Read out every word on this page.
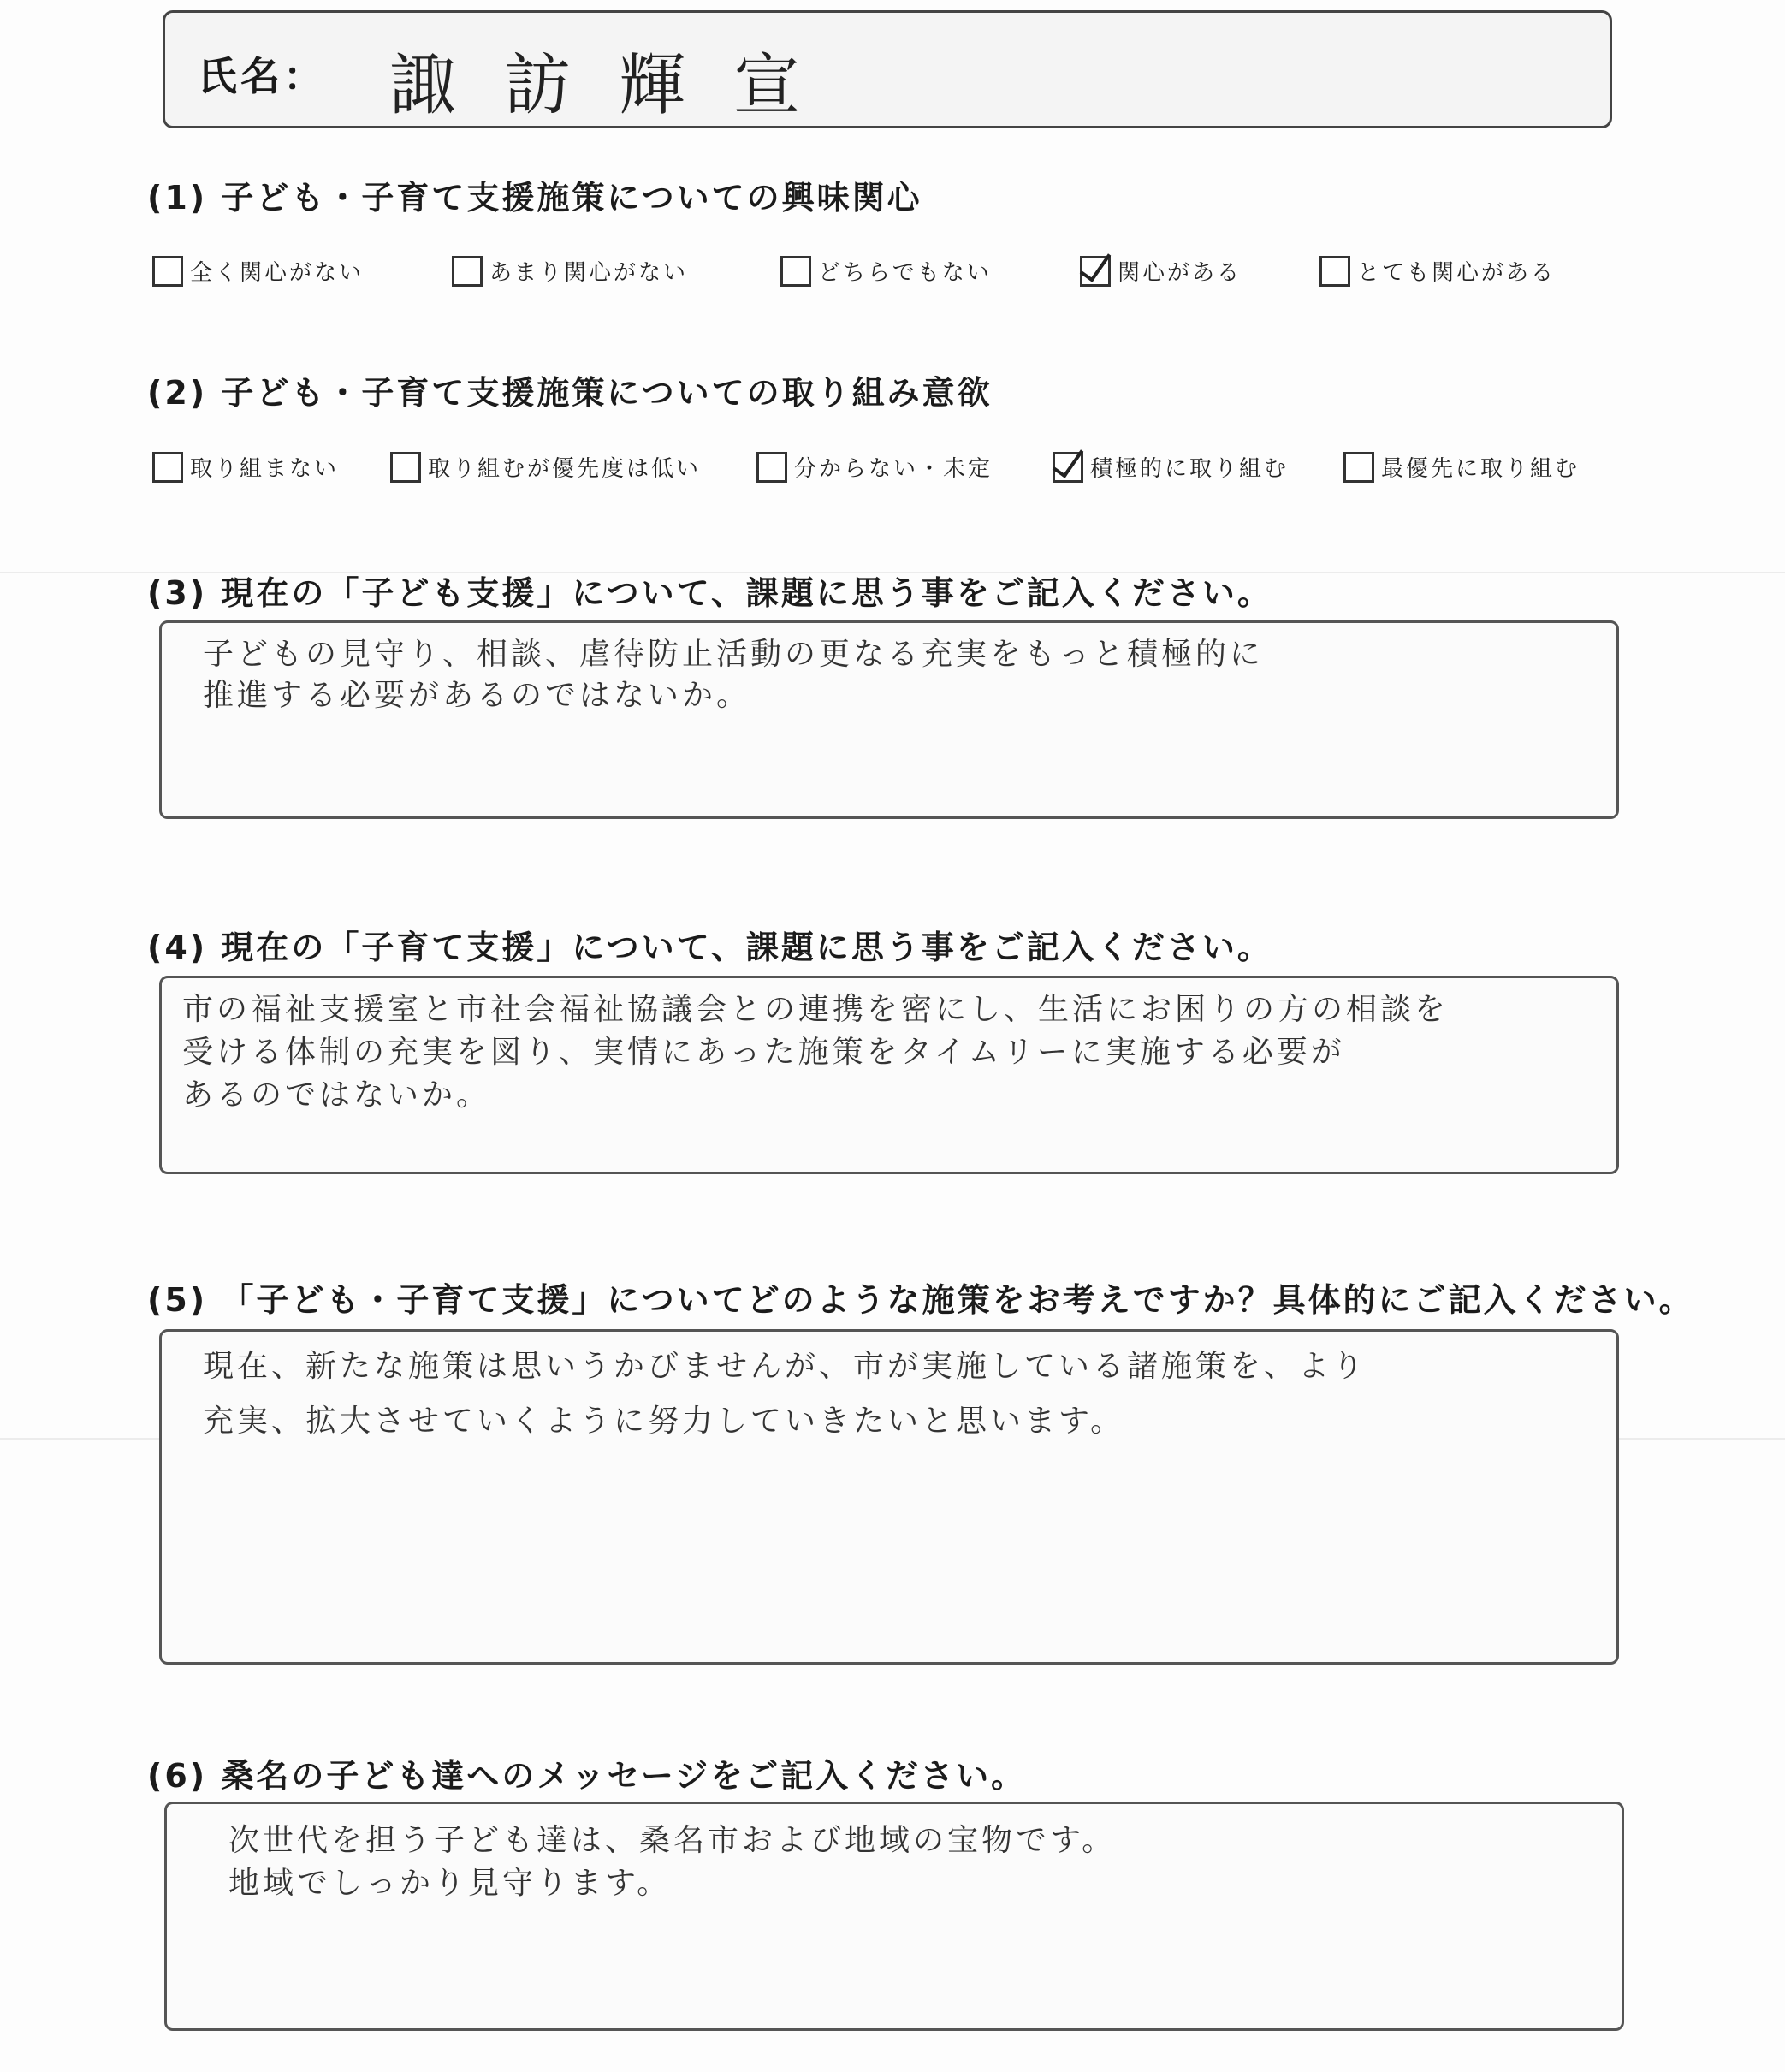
氏名： 諏訪輝宣
(1) 子ども・子育て支援施策についての興味関心
全く関心がない	あまり関心がない	どちらでもない	関心がある	とても関心がある
(2) 子ども・子育て支援施策についての取り組み意欲
取り組まない	取り組むが優先度は低い	分からない・未定	積極的に取り組む	最優先に取り組む
(3) 現在の「子ども支援」について、課題に思う事をご記入ください。
子どもの見守り、相談、虐待防止活動の更なる充実をもっと積極的に
推進する必要があるのではないか。
(4) 現在の「子育て支援」について、課題に思う事をご記入ください。
市の福祉支援室と市社会福祉協議会との連携を密にし、生活にお困りの方の相談を
受ける体制の充実を図り、実情にあった施策をタイムリーに実施する必要が
あるのではないか。
(5) 「子ども・子育て支援」についてどのような施策をお考えですか？具体的にご記入ください。
現在、新たな施策は思いうかびませんが、市が実施している諸施策を、より
充実、拡大させていくように努力していきたいと思います。
(6) 桑名の子ども達へのメッセージをご記入ください。
次世代を担う子ども達は、桑名市および地域の宝物です。
地域でしっかり見守ります。
